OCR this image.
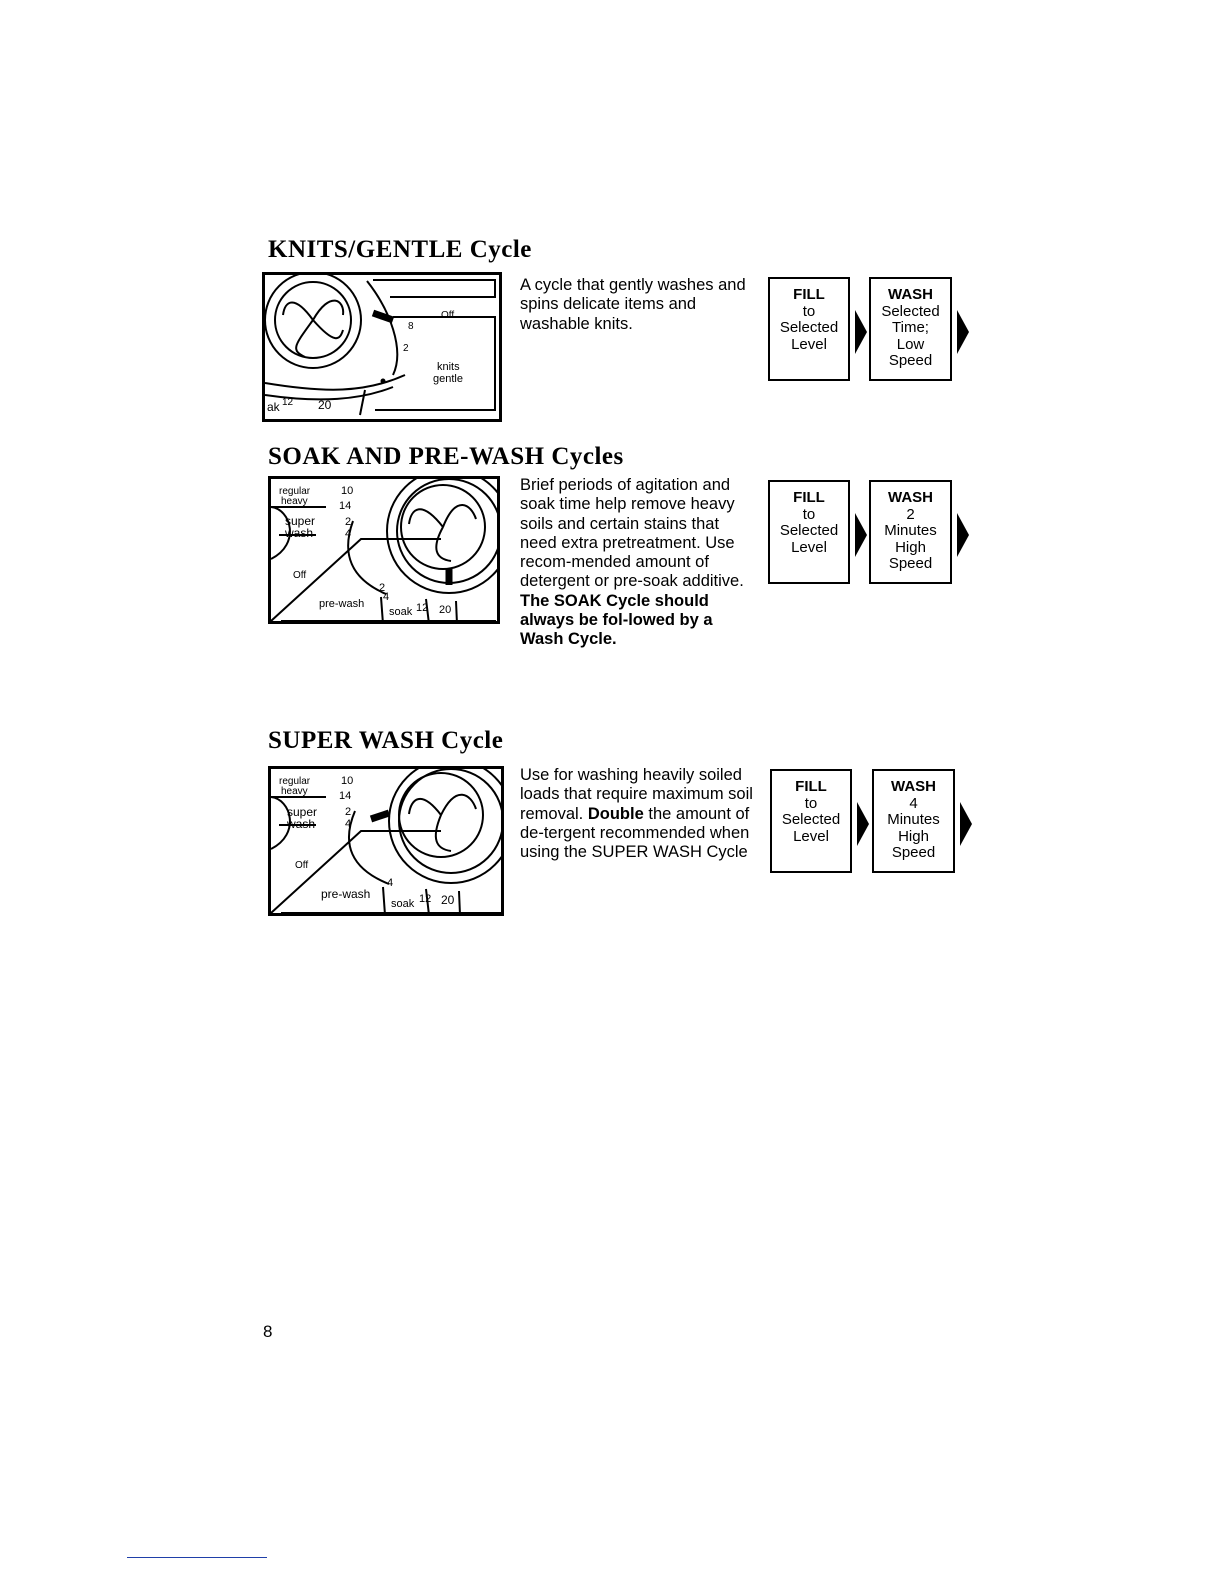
KNITS/GENTLE Cycle
Off
8
2
knits
gentle
ak 12 20

A cycle that gently washes and spins delicate items and washable knits.

FILL
to
Selected
Level
WASH
Selected
Time;
Low
Speed
SOAK AND PRE-WASH Cycles
regular
heavy
10
14
super
wash
2
4
Off
2
4
pre-wash
soak 12 20

Brief periods of agitation and soak time help remove heavy soils and certain stains that need extra pretreatment. Use recom-mended amount of detergent or pre-soak additive. The SOAK Cycle should always be fol-lowed by a Wash Cycle.

FILL
to
Selected
Level
WASH
2
Minutes
High
Speed
SUPER WASH Cycle
regular
heavy
10
14
super
wash
2
4
Off
4
pre-wash
soak 12 20

Use for washing heavily soiled loads that require maximum soil removal. Double the amount of de-tergent recommended when using the SUPER WASH Cycle

FILL
to
Selected
Level
WASH
4
Minutes
High
Speed
8
